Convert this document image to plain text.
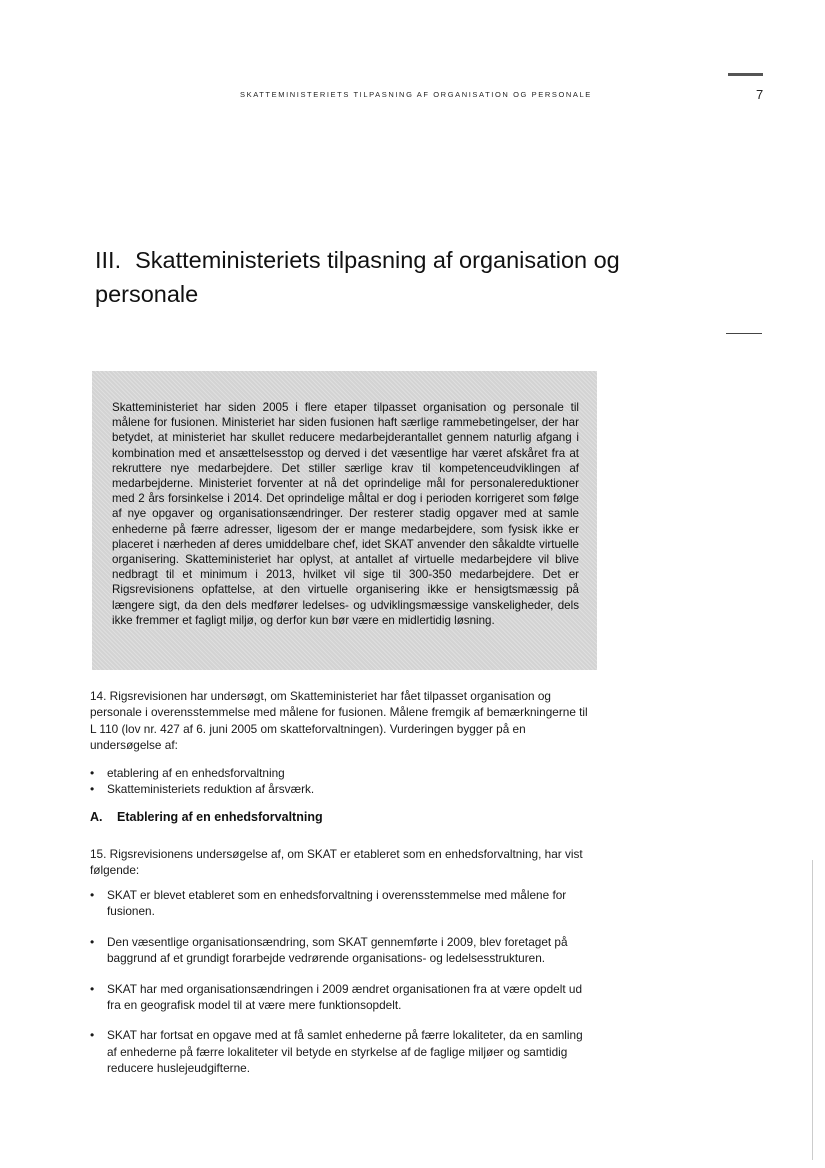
SKATTEMINISTERIETS TILPASNING AF ORGANISATION OG PERSONALE	7
III. Skatteministeriets tilpasning af organisation og personale

Skatteministeriet har siden 2005 i flere etaper tilpasset organisation og personale til målene for fusionen. Ministeriet har siden fusionen haft særlige rammebetingelser, der har betydet, at ministeriet har skullet reducere medarbejderantallet gennem naturlig afgang i kombination med et ansættelsesstop og derved i det væsentlige har været afskåret fra at rekruttere nye medarbejdere. Det stiller særlige krav til kompetenceudviklingen af medarbejderne. Ministeriet forventer at nå det oprindelige mål for personalereduktioner med 2 års forsinkelse i 2014. Det oprindelige måltal er dog i perioden korrigeret som følge af nye opgaver og organisationsændringer. Der resterer stadig opgaver med at samle enhederne på færre adresser, ligesom der er mange medarbejdere, som fysisk ikke er placeret i nærheden af deres umiddelbare chef, idet SKAT anvender den såkaldte virtuelle organisering. Skatteministeriet har oplyst, at antallet af virtuelle medarbejdere vil blive nedbragt til et minimum i 2013, hvilket vil sige til 300-350 medarbejdere. Det er Rigsrevisionens opfattelse, at den virtuelle organisering ikke er hensigtsmæssig på længere sigt, da den dels medfører ledelses- og udviklingsmæssige vanskeligheder, dels ikke fremmer et fagligt miljø, og derfor kun bør være en midlertidig løsning.

14. Rigsrevisionen har undersøgt, om Skatteministeriet har fået tilpasset organisation og personale i overensstemmelse med målene for fusionen. Målene fremgik af bemærkningerne til L 110 (lov nr. 427 af 6. juni 2005 om skatteforvaltningen). Vurderingen bygger på en undersøgelse af:

• etablering af en enhedsforvaltning
• Skatteministeriets reduktion af årsværk.
A. Etablering af en enhedsforvaltning

15. Rigsrevisionens undersøgelse af, om SKAT er etableret som en enhedsforvaltning, har vist følgende:

• SKAT er blevet etableret som en enhedsforvaltning i overensstemmelse med målene for fusionen.
• Den væsentlige organisationsændring, som SKAT gennemførte i 2009, blev foretaget på baggrund af et grundigt forarbejde vedrørende organisations- og ledelsesstrukturen.
• SKAT har med organisationsændringen i 2009 ændret organisationen fra at være opdelt ud fra en geografisk model til at være mere funktionsopdelt.
• SKAT har fortsat en opgave med at få samlet enhederne på færre lokaliteter, da en samling af enhederne på færre lokaliteter vil betyde en styrkelse af de faglige miljøer og samtidig reducere huslejeudgifterne.
